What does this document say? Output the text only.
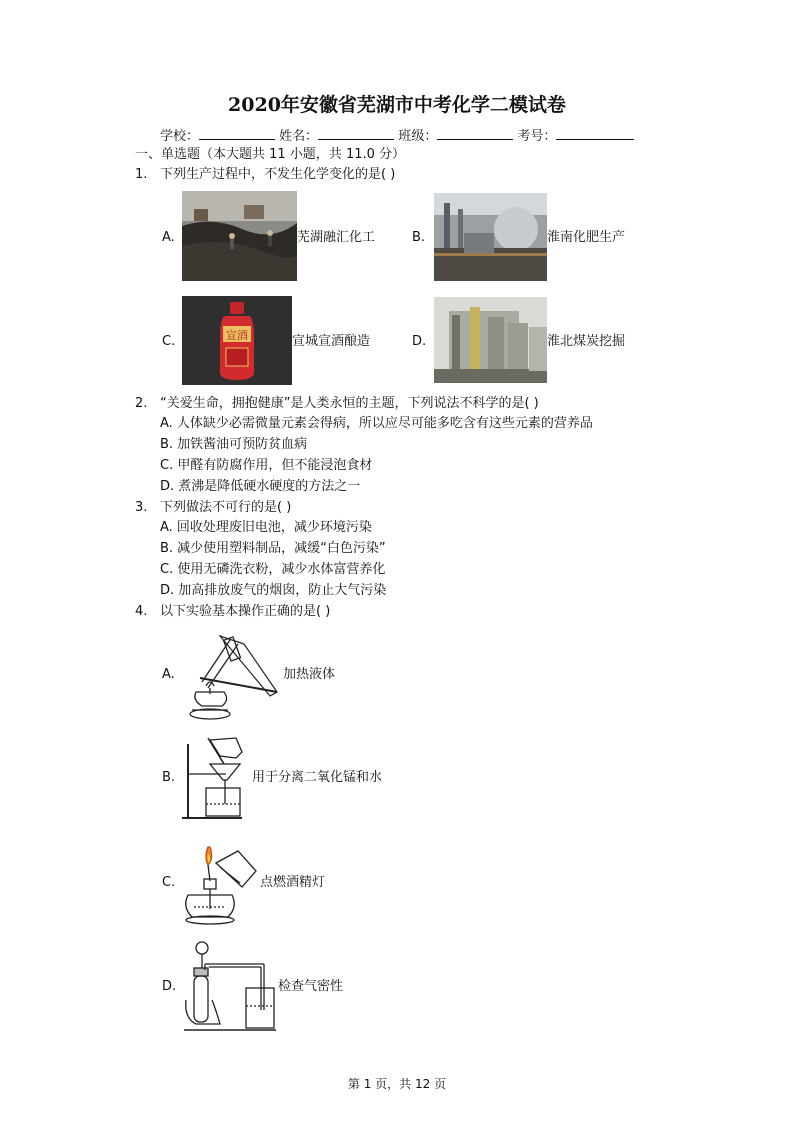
2020年安徽省芜湖市中考化学二模试卷
学校：	姓名：	班级：	考号：
一、单选题（本大题共 11 小题，共 11.0 分）
1. 下列生产过程中，不发生化学变化的是( )
A.	芜湖融汇化工	B.	淮南化肥生产
C.	宣酒	宣城宣酒酿造	D.	淮北煤炭挖掘
2. “关爱生命，拥抱健康”是人类永恒的主题，下列说法不科学的是( )
A. 人体缺少必需微量元素会得病，所以应尽可能多吃含有这些元素的营养品
B. 加铁酱油可预防贫血病
C. 甲醛有防腐作用，但不能浸泡食材
D. 煮沸是降低硬水硬度的方法之一
3. 下列做法不可行的是( )
A. 回收处理废旧电池，减少环境污染
B. 减少使用塑料制品，减缓“白色污染”
C. 使用无磷洗衣粉，减少水体富营养化
D. 加高排放废气的烟囱，防止大气污染
4. 以下实验基本操作正确的是( )
A.	加热液体
B.	用于分离二氧化锰和水
C.	点燃酒精灯
D.	检查气密性
第 1 页，共 12 页
